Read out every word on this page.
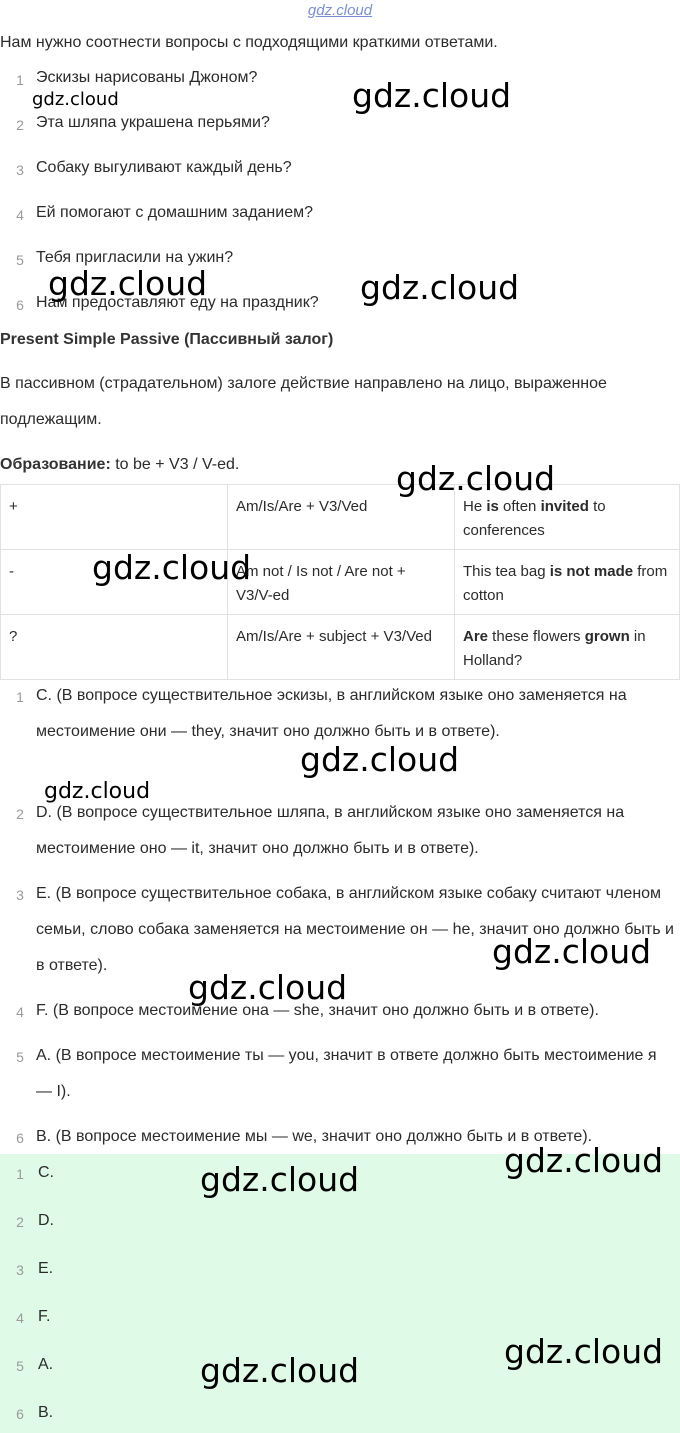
gdz.cloud
Нам нужно соотнести вопросы с подходящими краткими ответами.
1 Эскизы нарисованы Джоном?
2 Эта шляпа украшена перьями?
3 Собаку выгуливают каждый день?
4 Ей помогают с домашним заданием?
5 Тебя пригласили на ужин?
6 Нам предоставляют еду на праздник?
Present Simple Passive (Пассивный залог)
В пассивном (страдательном) залоге действие направлено на лицо, выраженное подлежащим.
Образование: to be + V3 / V-ed.
+	Am/Is/Are + V3/Ved	He is often invited to conferences
-	Am not / Is not / Are not + V3/V-ed	This tea bag is not made from cotton
?	Am/Is/Are + subject + V3/Ved	Are these flowers grown in Holland?
1 C. (В вопросе существительное эскизы, в английском языке оно заменяется на местоимение они — they, значит оно должно быть и в ответе).
2 D. (В вопросе существительное шляпа, в английском языке оно заменяется на местоимение оно — it, значит оно должно быть и в ответе).
3 E. (В вопросе существительное собака, в английском языке собаку считают членом семьи, слово собака заменяется на местоимение он — he, значит оно должно быть и в ответе).
4 F. (В вопросе местоимение она — she, значит оно должно быть и в ответе).
5 A. (В вопросе местоимение ты — you, значит в ответе должно быть местоимение я — I).
6 B. (В вопросе местоимение мы — we, значит оно должно быть и в ответе).
1 C.
2 D.
3 E.
4 F.
5 A.
6 B.
gdz.cloud
gdz.cloud
gdz.cloud	gdz.cloud
gdz.cloud
gdz.cloud
gdz.cloud
gdz.cloud
gdz.cloud
gdz.cloud
gdz.cloud
gdz.cloud
gdz.cloud
gdz.cloud
